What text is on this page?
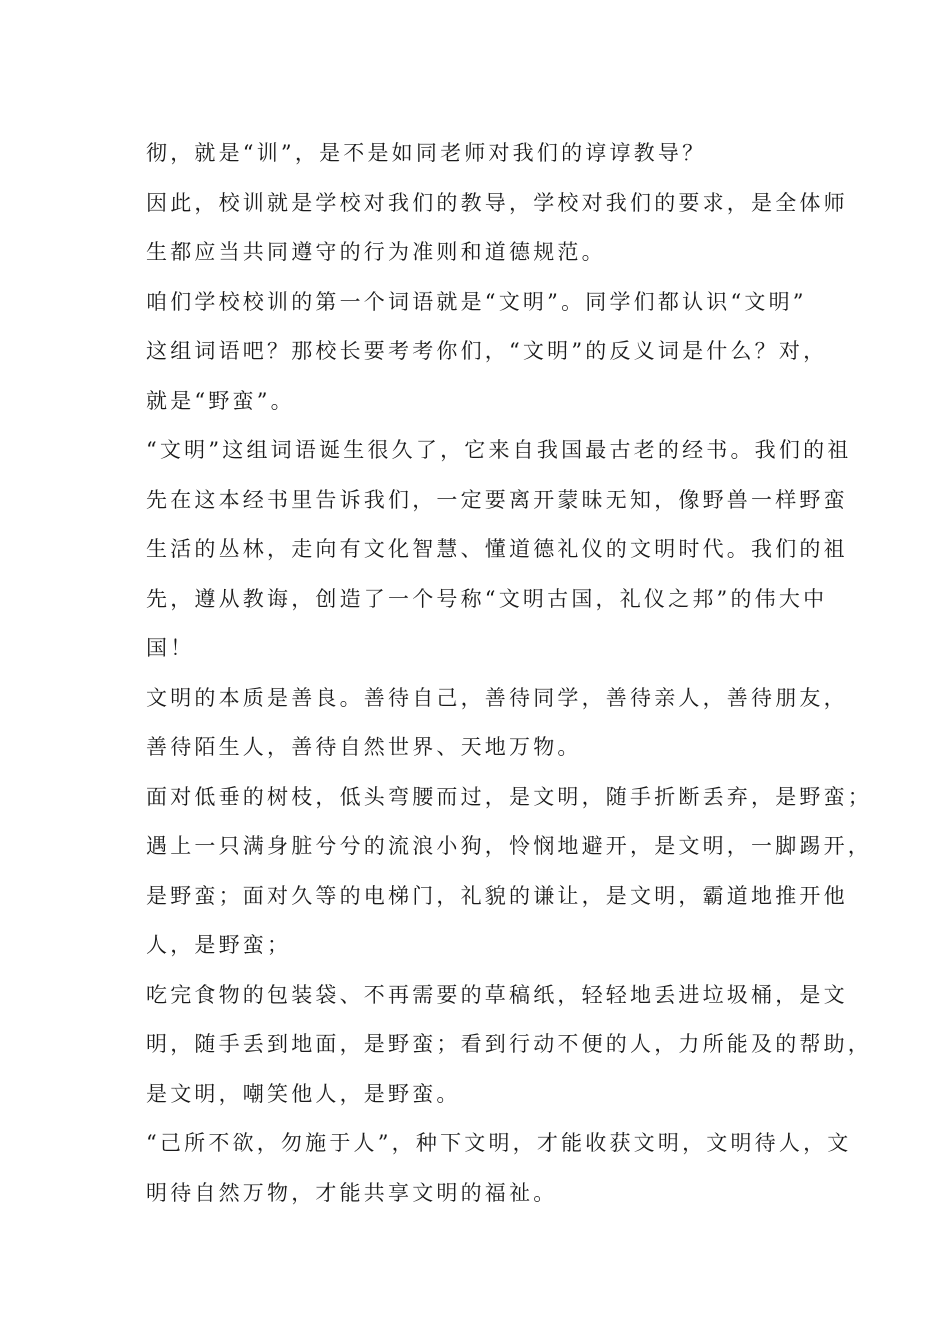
彻，就是“训”，是不是如同老师对我们的谆谆教导？
因此，校训就是学校对我们的教导，学校对我们的要求，是全体师
生都应当共同遵守的行为准则和道德规范。
咱们学校校训的第一个词语就是“文明”。同学们都认识“文明”
这组词语吧？那校长要考考你们，“文明”的反义词是什么？对，
就是“野蛮”。
“文明”这组词语诞生很久了，它来自我国最古老的经书。我们的祖
先在这本经书里告诉我们，一定要离开蒙昧无知，像野兽一样野蛮
生活的丛林，走向有文化智慧、懂道德礼仪的文明时代。我们的祖
先，遵从教诲，创造了一个号称“文明古国，礼仪之邦”的伟大中
国！
文明的本质是善良。善待自己，善待同学，善待亲人，善待朋友，
善待陌生人，善待自然世界、天地万物。
面对低垂的树枝，低头弯腰而过，是文明，随手折断丢弃，是野蛮；
遇上一只满身脏兮兮的流浪小狗，怜悯地避开，是文明，一脚踢开，
是野蛮；面对久等的电梯门，礼貌的谦让，是文明，霸道地推开他
人，是野蛮；
吃完食物的包装袋、不再需要的草稿纸，轻轻地丢进垃圾桶，是文
明，随手丢到地面，是野蛮；看到行动不便的人，力所能及的帮助，
是文明，嘲笑他人，是野蛮。
“己所不欲，勿施于人”，种下文明，才能收获文明，文明待人，文
明待自然万物，才能共享文明的福祉。
